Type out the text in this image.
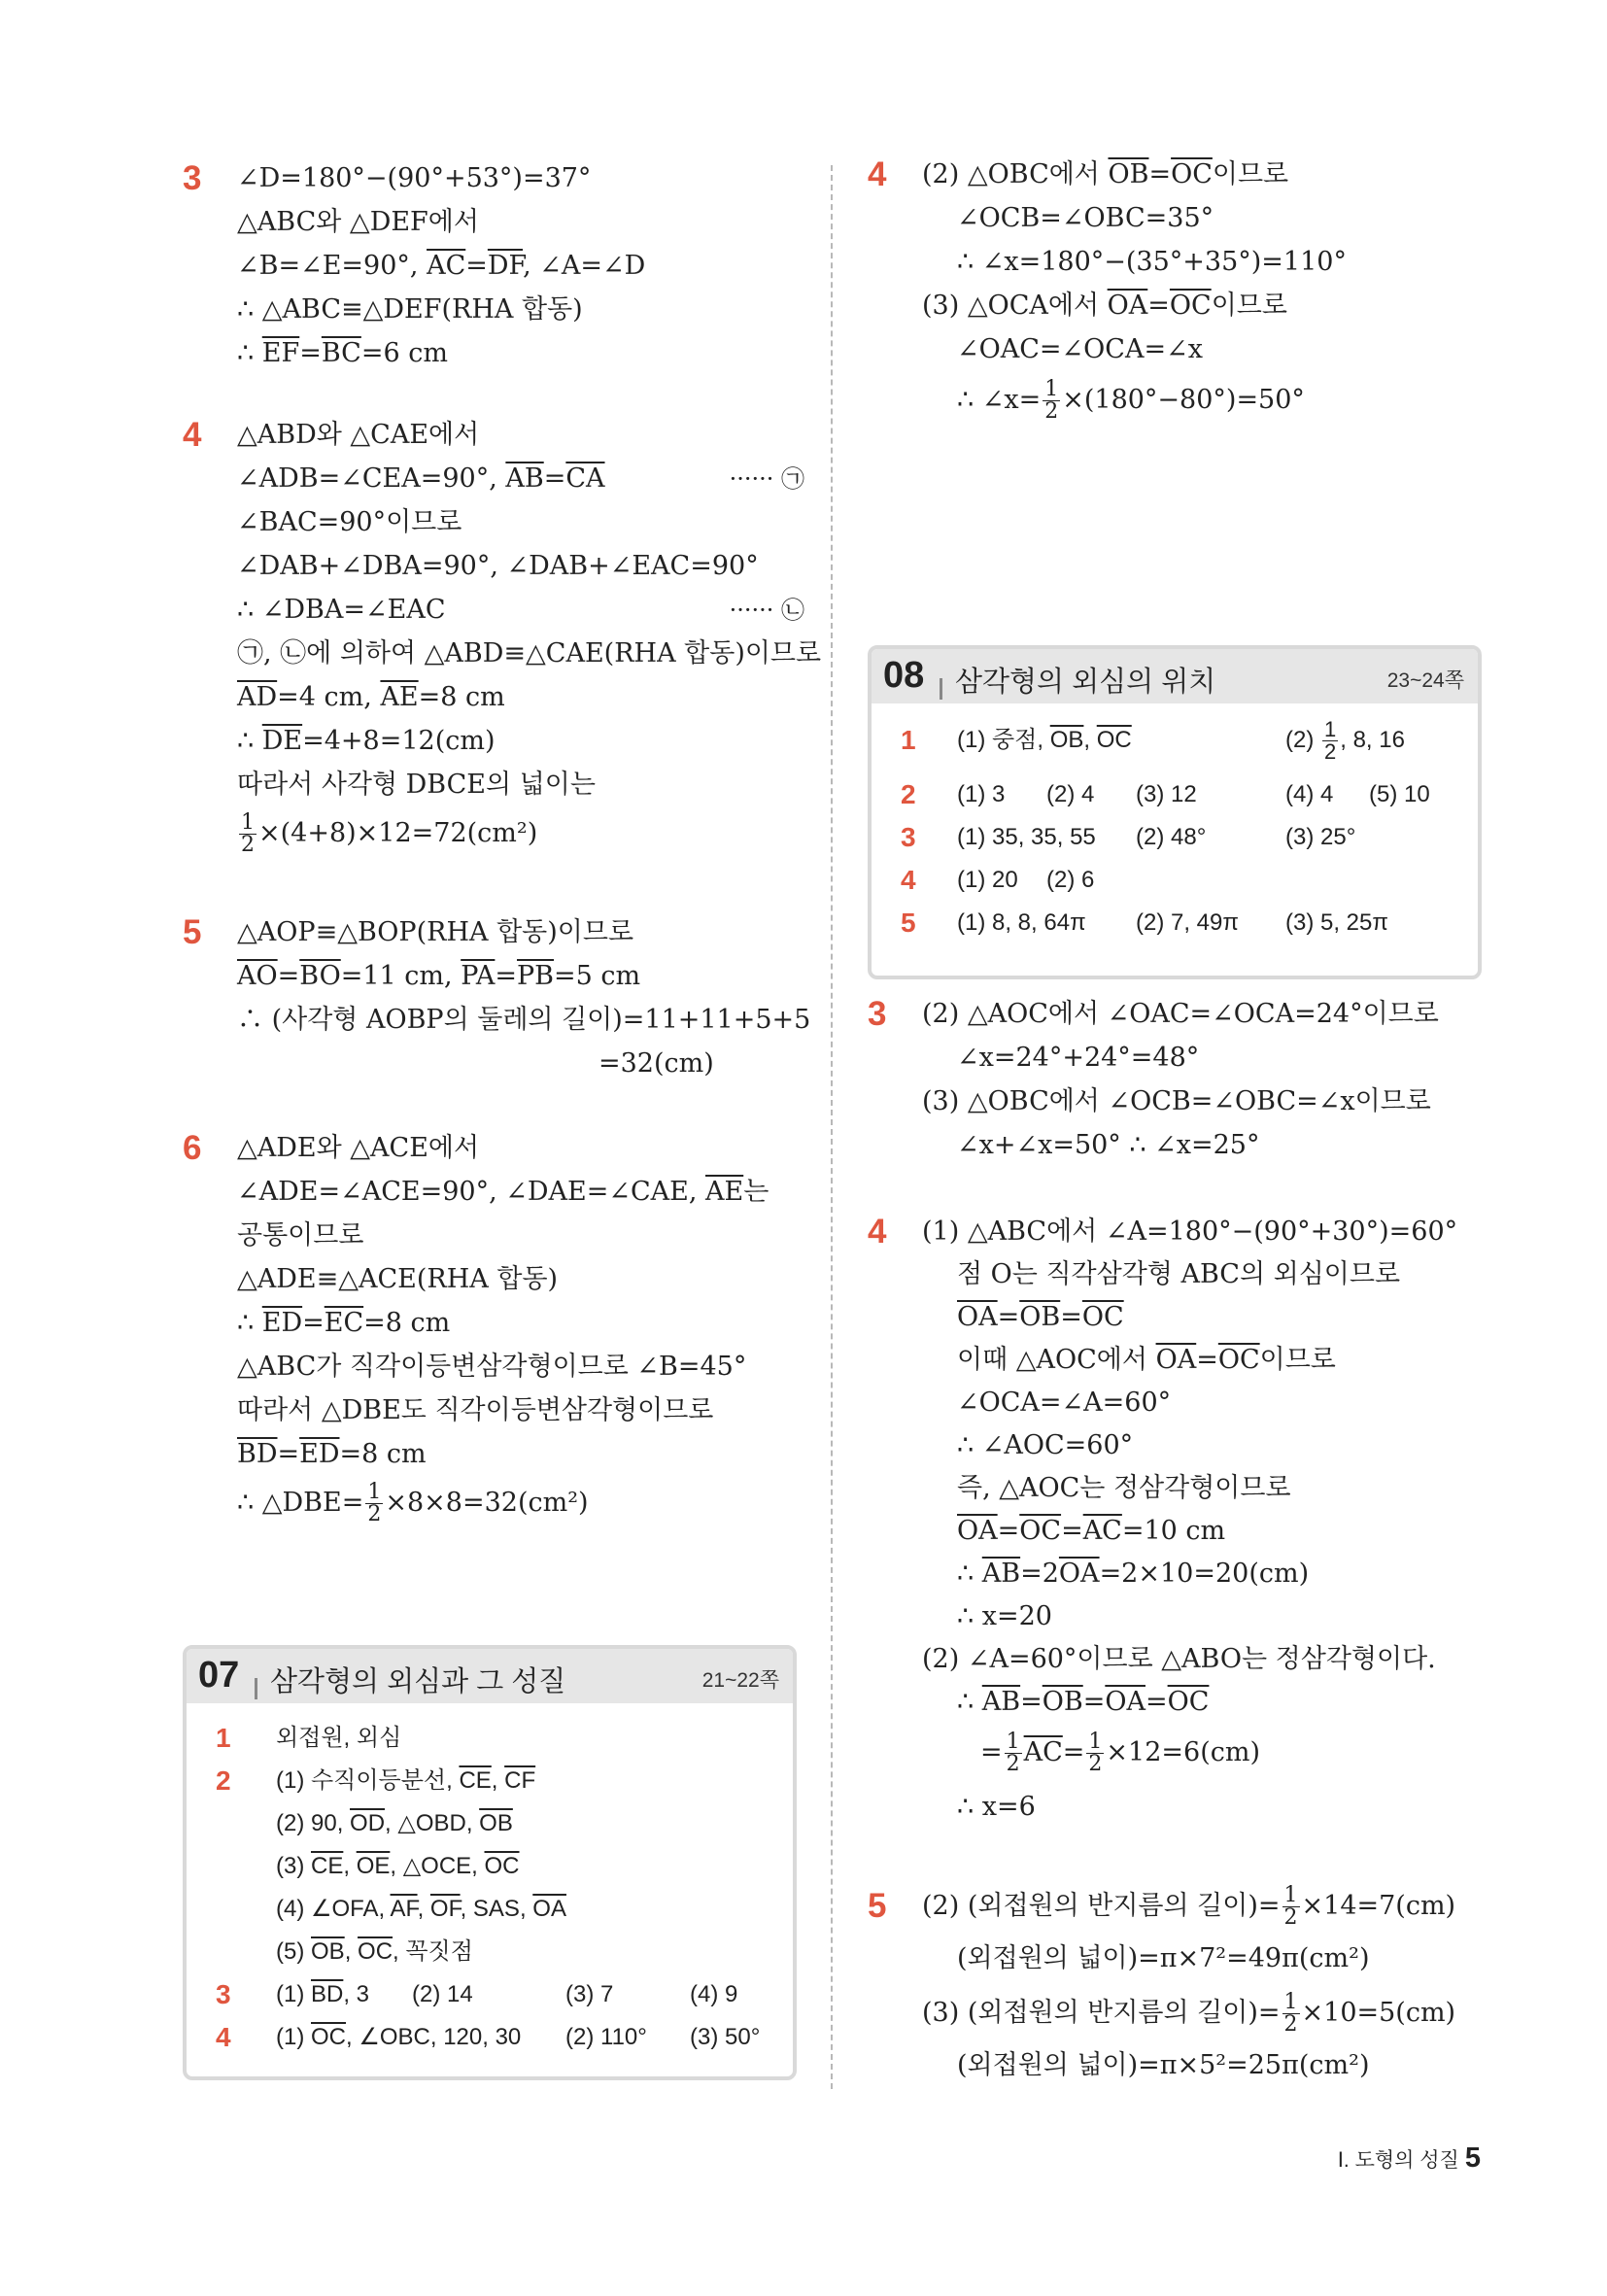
3 ∠D=180°−(90°+53°)=37°
△ABC와 △DEF에서
∠B=∠E=90°, $\overline{AC}=\overline{DF}$, ∠A=∠D
∴ △ABC≡△DEF(RHA 합동)
∴ $\overline{EF}=\overline{BC}=6$ cm
4 △ABD와 △CAE에서
∠ADB=∠CEA=90°, $\overline{AB}=\overline{CA}$	······ ㉠
∠BAC=90°이므로
∠DAB+∠DBA=90°, ∠DAB+∠EAC=90°
∴ ∠DBA=∠EAC	······ ㉡
㉠, ㉡에 의하여 △ABD≡△CAE(RHA 합동)이므로
$\overline{AD}=4$ cm, $\overline{AE}=8$ cm
∴ $\overline{DE}=4+8=12(cm)$
따라서 사각형 DBCE의 넓이는
$\frac{1}{2} \times(4+8)\times 12=72(cm^2)$
5 △AOP≡△BOP(RHA 합동)이므로
$\overline{AO}=\overline{BO}=11$ cm, $\overline{PA}=\overline{PB}=5$ cm
∴ (사각형 AOBP의 둘레의 길이)=11+11+5+5
=32(cm)
6 △ADE와 △ACE에서
∠ADE=∠ACE=90°, ∠DAE=∠CAE, $\overline{AE}$는
공통이므로
△ADE≡△ACE(RHA 합동)
∴ $\overline{ED}=\overline{EC}=8$ cm
△ABC가 직각이등변삼각형이므로 ∠B=45°
따라서 △DBE도 직각이등변삼각형이므로
$\overline{BD}=\overline{ED}=8$ cm
∴ △DBE= $\frac{1}{2} \times 8\times 8=32(cm^2)$
07 삼각형의 외심과 그 성질	21~22쪽
1 외접원, 외심
2 (1) 수직이등분선, $\overline{CE}$, $\overline{CF}$
(2) 90, $\overline{OD}$, △OBD, $\overline{OB}$
(3) $\overline{CE}$, $\overline{OE}$, △OCE, $\overline{OC}$
(4) ∠OFA, $\overline{AF}$, $\overline{OF}$, SAS, $\overline{OA}$
(5) $\overline{OB}$, $\overline{OC}$, 꼭짓점
3 (1) $\overline{BD}$, 3 (2) 14	(3) 7	(4) 9
4 (1) $\overline{OC}$, ∠OBC, 120, 30 (2) 110° (3) 50°
4 (2) △OBC에서 $\overline{OB}=\overline{OC}$이므로
∠OCB=∠OBC=35°
∴ ∠x=180°−(35°+35°)=110°
(3) △OCA에서 $\overline{OA}=\overline{OC}$이므로
∠OAC=∠OCA=∠x
∴ ∠x= $\frac{1}{2} \times(180^\circ-80^\circ)=50^\circ$
08 삼각형의 외심의 위치	23~24쪽
1 (1) 중점, $\overline{OB}$, $\overline{OC}$	$(2) \frac{1}{2}$ , 8, 16
2 (1) 3 (2) 4 (3) 12	(4) 4 (5) 10
3 (1) 35, 35, 55 (2) 48°	(3) 25°
4 (1) 20 (2) 6
5 (1) 8, 8, 64π (2) 7, 49π (3) 5, 25π
3 (2) △AOC에서 ∠OAC=∠OCA=24°이므로
∠x=24°+24°=48°
(3) △OBC에서 ∠OCB=∠OBC=∠x이므로
∠x+∠x=50° ∴ ∠x=25°
4 (1) △ABC에서 ∠A=180°−(90°+30°)=60°
점 O는 직각삼각형 ABC의 외심이므로
$\overline{OA}=\overline{OB}=\overline{OC}$
이때 △AOC에서 $\overline{OA}=\overline{OC}$이므로
∠OCA=∠A=60°
∴ ∠AOC=60°
즉, △AOC는 정삼각형이므로
$\overline{OA}=\overline{OC}=\overline{AC}=10$ cm
∴ $\overline{AB}=2\overline{OA}=2\times 10=20(cm)$
∴ x=20
(2) ∠A=60°이므로 △ABO는 정삼각형이다.
∴ $\overline{AB}=\overline{OB}=\overline{OA}=\overline{OC}$
= $\frac{1}{2} \overline{AC}= \frac{1}{2} \times 12=6(cm)$
∴ x=6
5 (2) (외접원의 반지름의 길이)= $\frac{1}{2} \times 14=7(cm)$
(외접원의 넓이)=π×7²=49π(cm²)
(3) (외접원의 반지름의 길이)= $\frac{1}{2} \times 10=5(cm)$
(외접원의 넓이)=π×5²=25π(cm²)
Ⅰ. 도형의 성질 5
